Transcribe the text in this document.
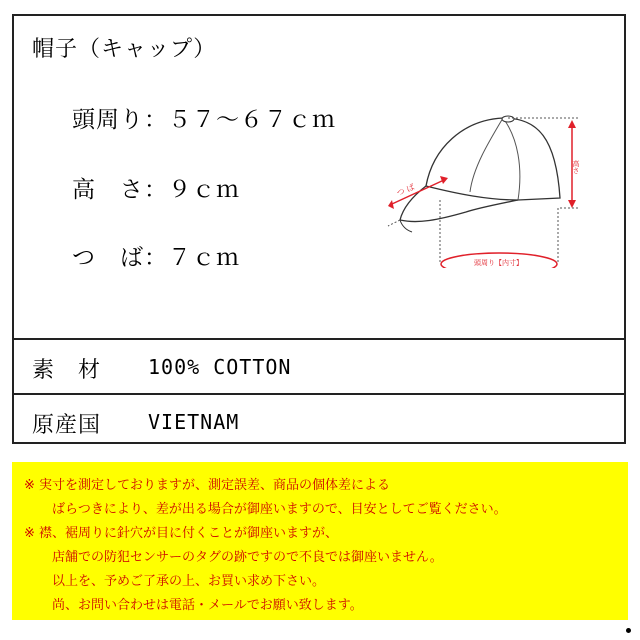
帽子（キャップ）
頭周り：５７～６７ｃｍ
高　さ：９ｃｍ
つ　ば：７ｃｍ
高さ
つ ば
頭周り【内寸】
素　材 100% COTTON
原産国 VIETNAM
※ 実寸を測定しておりますが、測定誤差、商品の個体差による
ばらつきにより、差が出る場合が御座いますので、目安としてご覧ください。
※ 襟、裾周りに針穴が目に付くことが御座いますが、
店舗での防犯センサーのタグの跡ですので不良では御座いません。
以上を、予めご了承の上、お買い求め下さい。
尚、お問い合わせは電話・メールでお願い致します。
